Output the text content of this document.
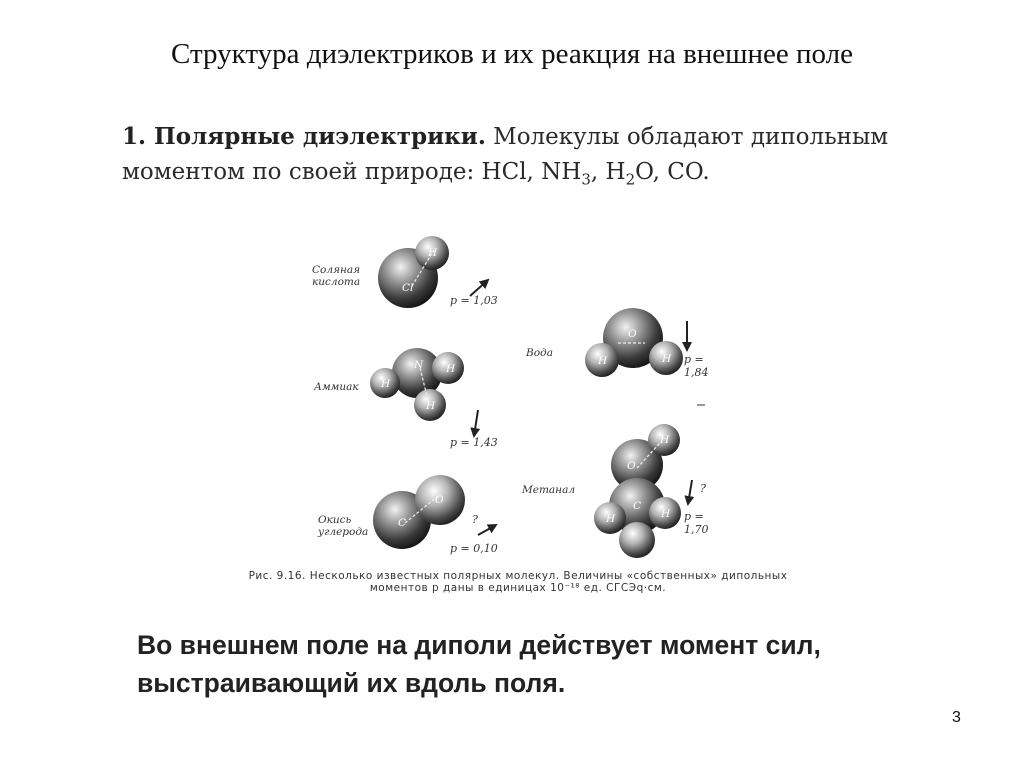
Структура диэлектриков и их реакция на внешнее поле
1. Полярные диэлектрики. Молекулы обладают дипольным
моментом по своей природе: HCl, $NH_3$, $H_2O$, CO.
Cl
H
N
H
H
H
C
O
O
H	H
O
H
C
H	H
Соляная
кислота
p = 1,03
Аммиак
p = 1,43
Окись
углерода
?
p = 0,10
Вода	p = 1,84
Метанал	?
p = 1,70
Рис. 9.16. Несколько известных полярных молекул. Величины «собственных» дипольных
моментов p даны в единицах 10⁻¹⁸ ед. СГСЭq·см.
Во внешнем поле на диполи действует момент сил, выстраивающий их вдоль поля.
3
